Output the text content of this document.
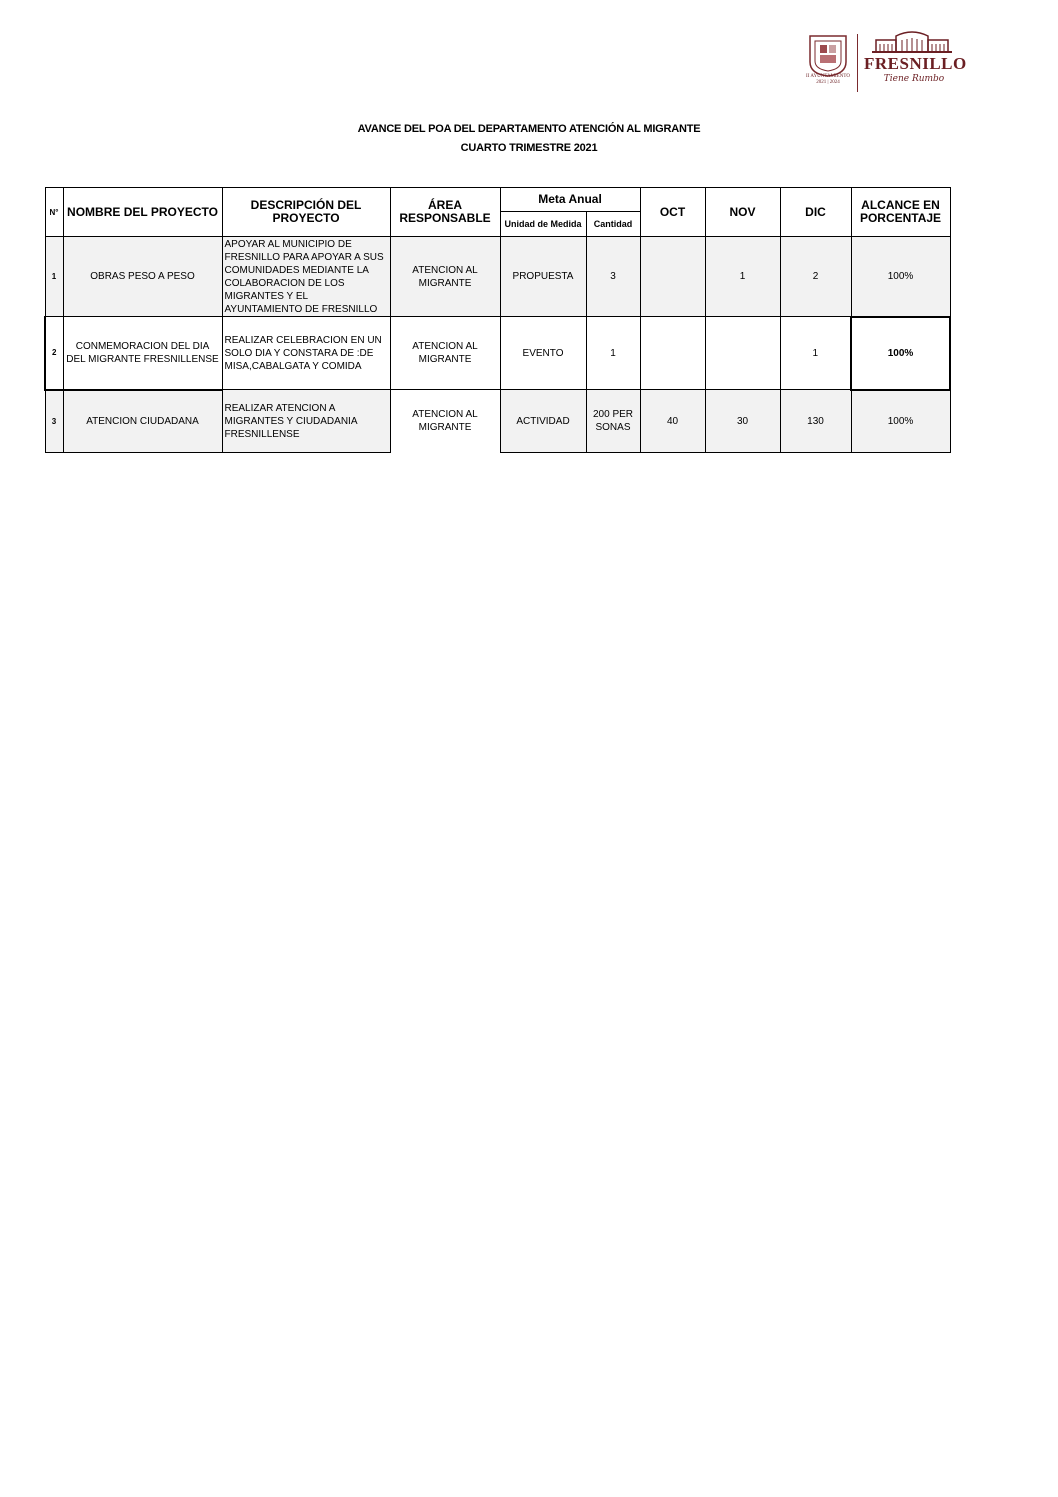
II AYUNTAMIENTO
2021 | 2024
FRESNILLO
Tiene Rumbo
AVANCE DEL POA DEL DEPARTAMENTO ATENCIÓN AL MIGRANTE
CUARTO TRIMESTRE 2021
N°	NOMBRE DEL PROYECTO	DESCRIPCIÓN DEL PROYECTO	ÁREA RESPONSABLE	Meta Anual		OCT	NOV	DIC	ALCANCE EN PORCENTAJE
				Unidad de Medida	Cantidad				
1	OBRAS PESO A PESO	APOYAR AL MUNICIPIO DE FRESNILLO PARA APOYAR A SUS COMUNIDADES MEDIANTE LA COLABORACION DE LOS MIGRANTES Y EL AYUNTAMIENTO DE FRESNILLO	ATENCION AL MIGRANTE	PROPUESTA	3		1	2	100%
2	CONMEMORACION DEL DIA DEL MIGRANTE FRESNILLENSE	REALIZAR CELEBRACION EN UN SOLO DIA Y CONSTARA DE :DE MISA,CABALGATA Y COMIDA	ATENCION AL MIGRANTE	EVENTO	1			1	100%
3	ATENCION CIUDADANA	REALIZAR ATENCION A MIGRANTES Y CIUDADANIA FRESNILLENSE	ATENCION AL MIGRANTE	ACTIVIDAD	200 PERSONAS	40	30	130	100%
